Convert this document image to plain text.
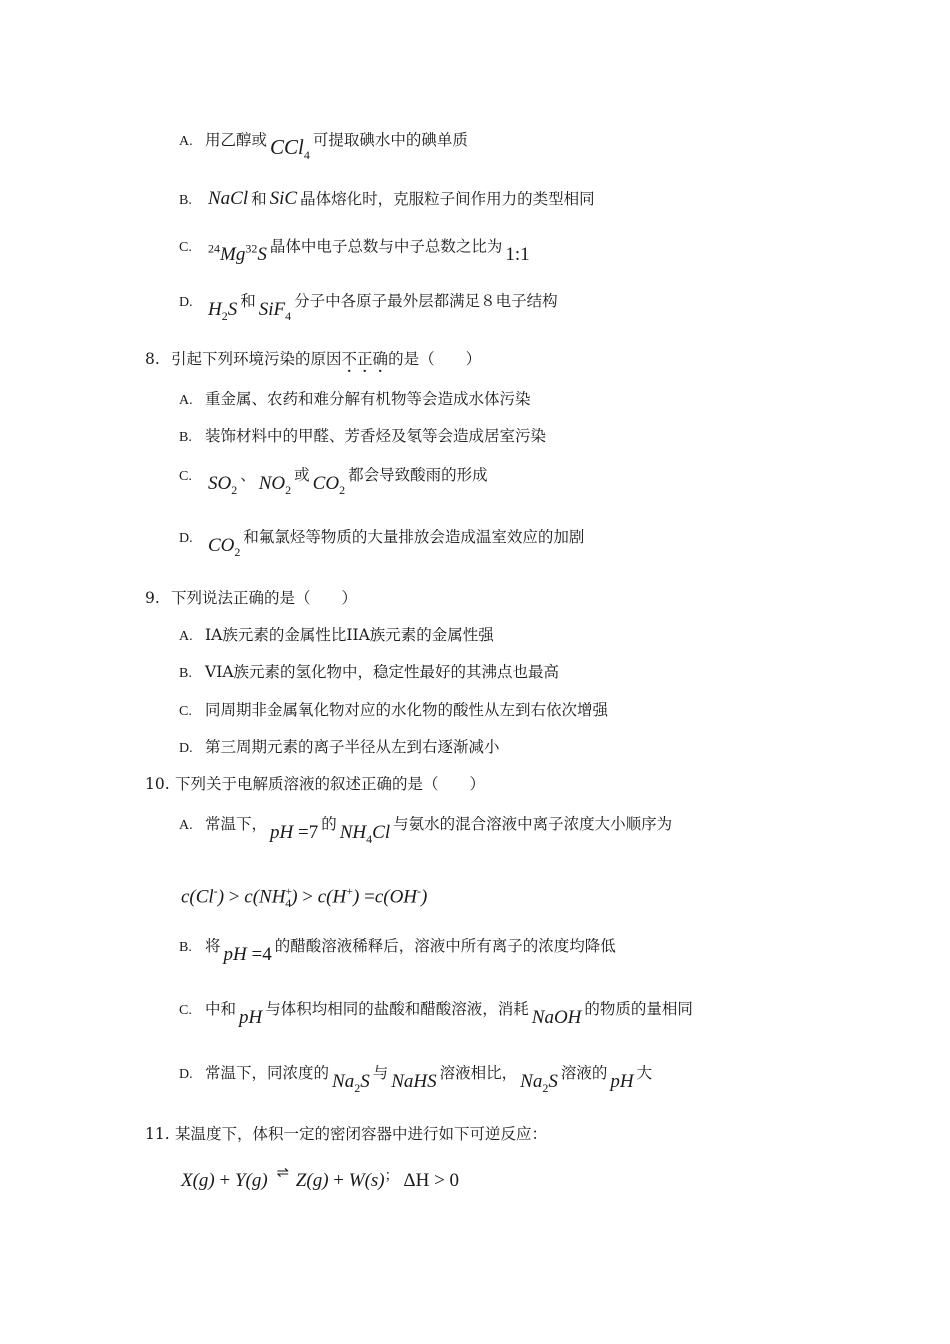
A. 用乙醇或 CCl$_4$可提取碘水中的碘单质
B. NaCl 和 SiC 晶体熔化时，克服粒子间作用力的类型相同
C. $^{24}$Mg$^{32}$S 晶体中电子总数与中子总数之比为 1:1
D. $H_2S$ 和 SiF$_4$分子中各原子最外层都满足８电子结构
8. 引起下列环境污染的原因不正确的是（　　）
A. 重金属、农药和难分解有机物等会造成水体污染
B. 装饰材料中的甲醛、芳香烃及氡等会造成居室污染
C. $SO_2$、 $NO_2$或 $CO_2$都会导致酸雨的形成
D. $CO_2$和氟氯烃等物质的大量排放会造成温室效应的加剧
9. 下列说法正确的是（　　）
A. IA族元素的金属性比IIA族元素的金属性强
B. VIA族元素的氢化物中，稳定性最好的其沸点也最高
C. 同周期非金属氧化物对应的水化物的酸性从左到右依次增强
D. 第三周期元素的离子半径从左到右逐渐减小
10. 下列关于电解质溶液的叙述正确的是（　　）
A. 常温下， pH =7 的 $NH_4Cl$ 与氨水的混合溶液中离子浓度大小顺序为
$c(Cl^-) > c(NH^+_4) > c(H^+) =c(OH^-)$
B. 将 pH =4 的醋酸溶液稀释后，溶液中所有离子的浓度均降低
C. 中和 pH 与体积均相同的盐酸和醋酸溶液，消耗 NaOH 的物质的量相同
D. 常温下，同浓度的 $Na_2S$ 与 NaHS 溶液相比， $Na_2S$ 溶液的 pH 大
11. 某温度下，体积一定的密闭容器中进行如下可逆反应：
X(g) + Y(g) ⇌ Z(g) + W(s)； ΔH > 0
